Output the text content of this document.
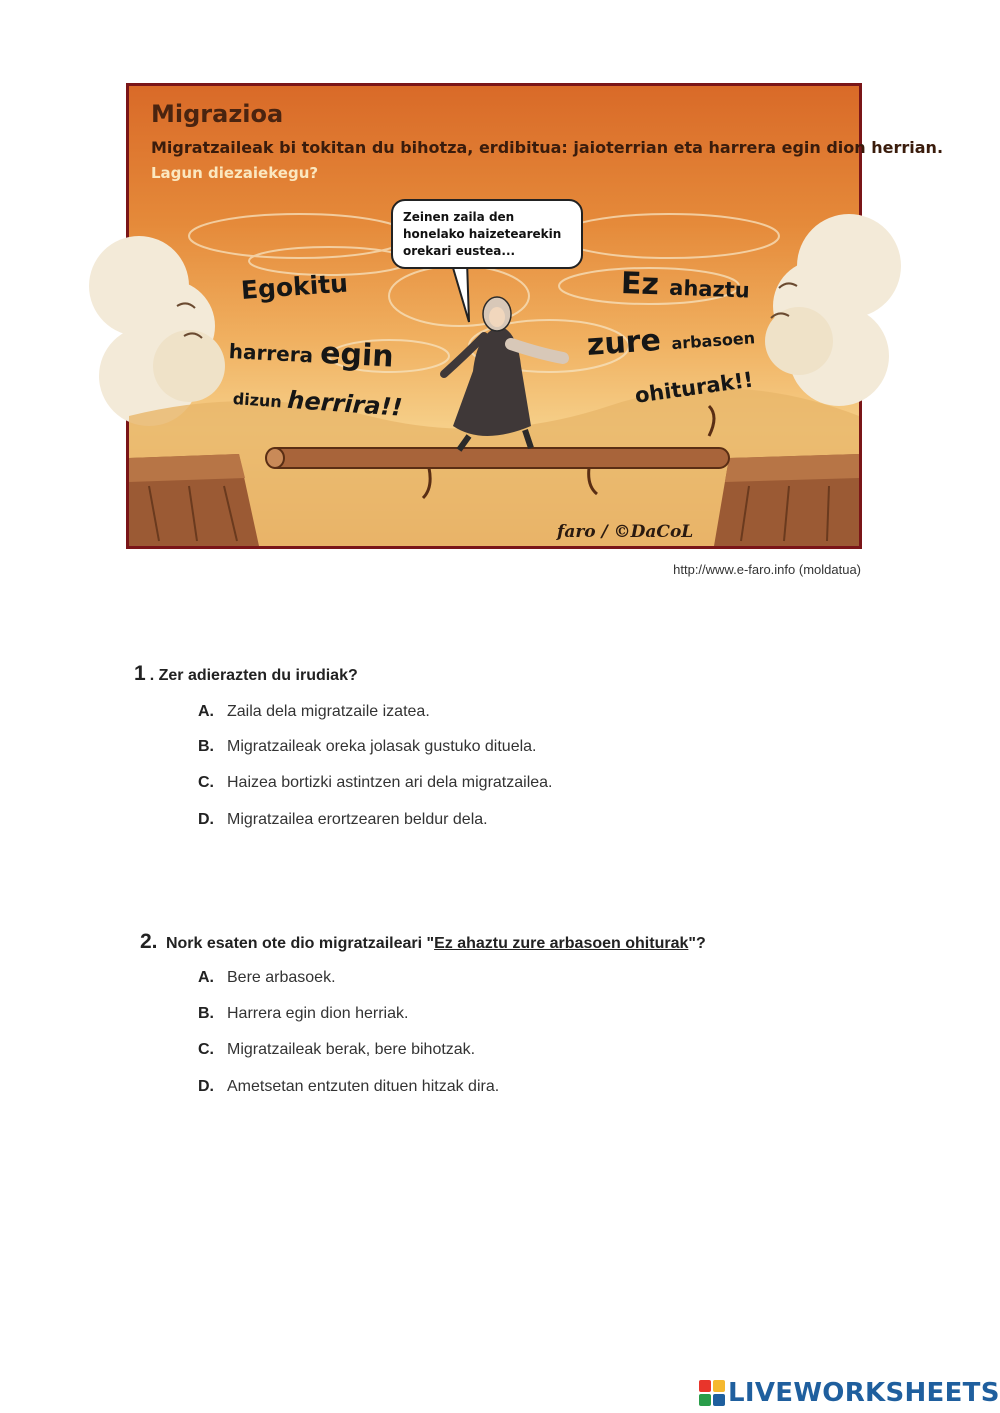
Migrazioa
Migratzaileak bi tokitan du bihotza, erdibitua: jaioterrian eta harrera egin dion herrian.
Lagun diezaiekegu?
Zeinen zaila den
honelako haizetearekin
orekari eustea...
Egokitu
harrera egin
dizun herrira!!
Ez ahaztu
zure arbasoen
ohiturak!!
faro / ©DaCoL
http://www.e-faro.info (moldatua)
1 . Zer adierazten du irudiak?
A. Zaila dela migratzaile izatea.
B. Migratzaileak oreka jolasak gustuko dituela.
C. Haizea bortizki astintzen ari dela migratzailea.
D. Migratzailea erortzearen beldur dela.
2. Nork esaten ote dio migratzaileari "Ez ahaztu zure arbasoen ohiturak"?
A. Bere arbasoek.
B. Harrera egin dion herriak.
C. Migratzaileak berak, bere bihotzak.
D. Ametsetan entzuten dituen hitzak dira.
LIVEWORKSHEETS
